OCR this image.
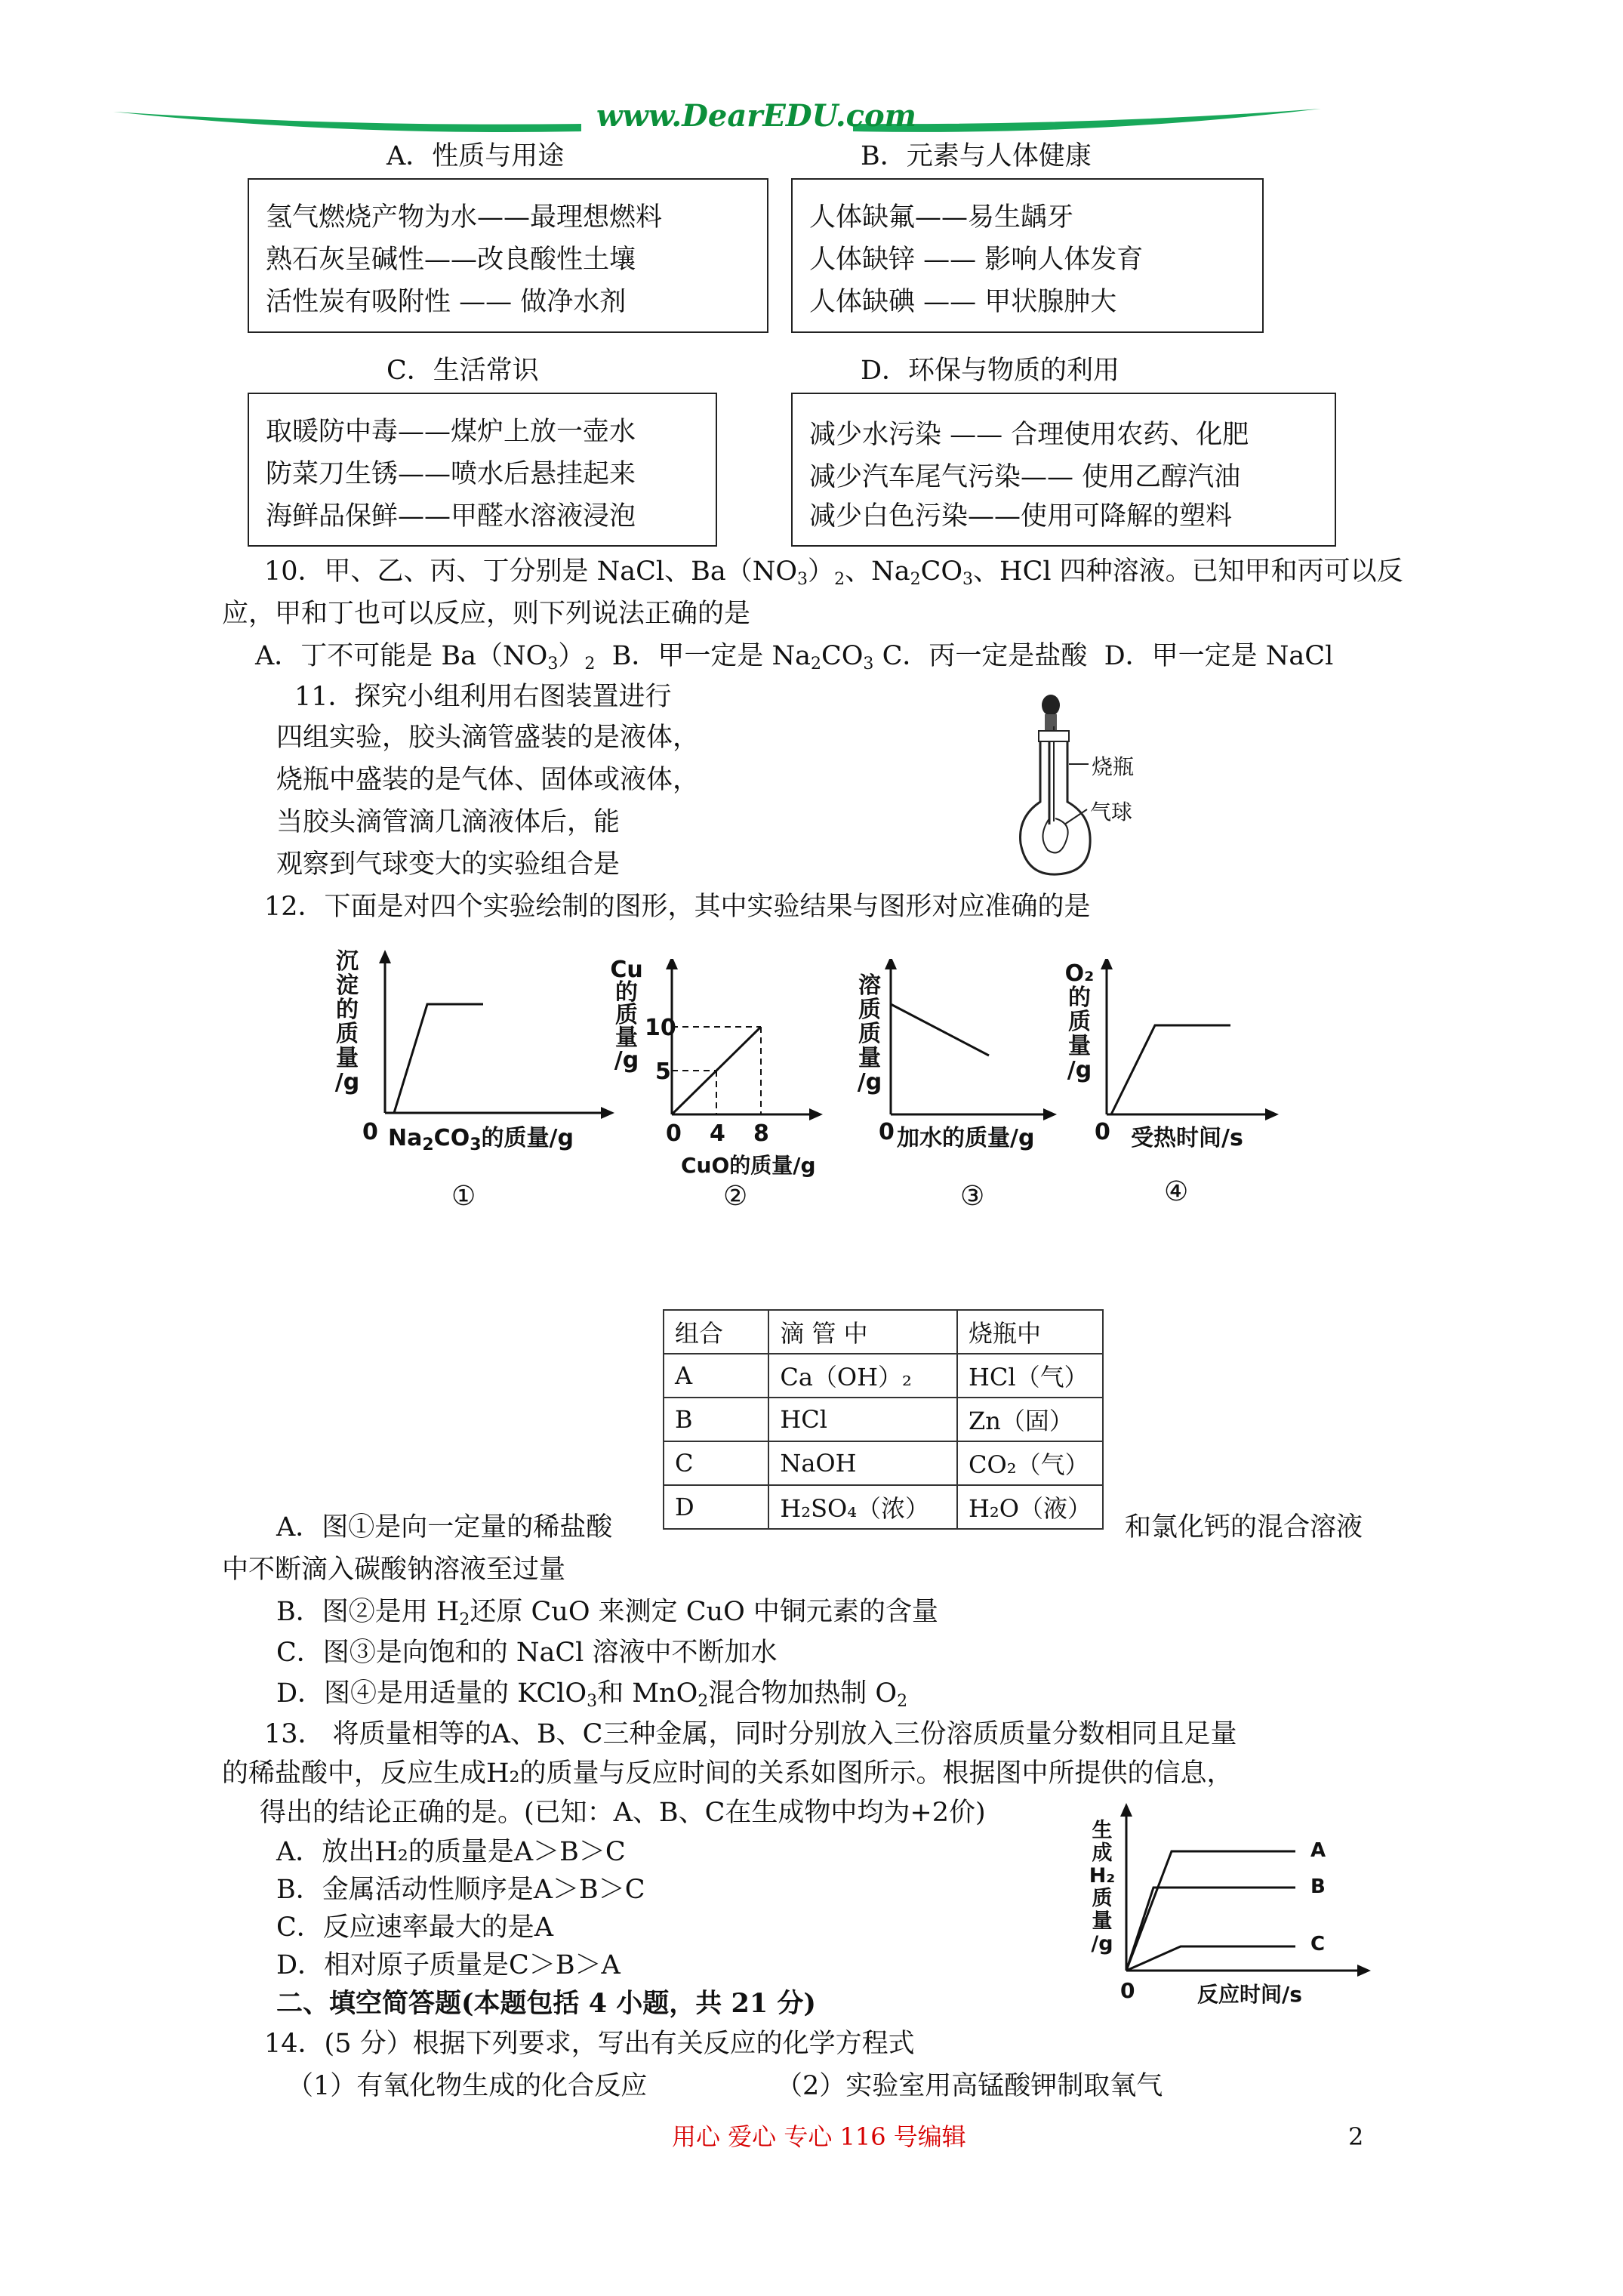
www.DearEDU.com
A．性质与用途	B．元素与人体健康
氢气燃烧产物为水——最理想燃料
熟石灰呈碱性——改良酸性土壤
活性炭有吸附性 —— 做净水剂
人体缺氟——易生龋牙
人体缺锌 —— 影响人体发育
人体缺碘 —— 甲状腺肿大
C．生活常识	D．环保与物质的利用
取暖防中毒——煤炉上放一壶水
防菜刀生锈——喷水后悬挂起来
海鲜品保鲜——甲醛水溶液浸泡
减少水污染 —— 合理使用农药、化肥
减少汽车尾气污染—— 使用乙醇汽油
减少白色污染——使用可降解的塑料
10．甲、乙、丙、丁分别是 NaCl、$Ba(NO_3)_2$、$Na_2CO_3$、HCl 四种溶液。已知甲和丙可以反
应，甲和丁也可以反应，则下列说法正确的是
A．丁不可能是 $Ba(NO_3)_2$ B．甲一定是 $Na_2CO_3$ C．丙一定是盐酸 D．甲一定是 NaCl
11．探究小组利用右图装置进行
四组实验，胶头滴管盛装的是液体，
烧瓶中盛装的是气体、固体或液体，
当胶头滴管滴几滴液体后，能
观察到气球变大的实验组合是
烧瓶
气球
12．下面是对四个实验绘制的图形，其中实验结果与图形对应准确的是
沉
淀
的
质
量
/g
0 $Na_2CO_3$的质量/g
①
Cu
的
质
量
/g
10
5
0 4 8
CuO的质量/g
②
溶
质
质
量
/g
0 加水的质量/g
③
O₂
的
质
量
/g
0 受热时间/s
④
组合	滴 管 中	烧瓶中
A	Ca（OH）₂	HCl（气）
B	HCl	Zn（固）
C	NaOH	CO₂（气）
D	H₂SO₄（浓）	H₂O（液）
A．图①是向一定量的稀盐酸	和氯化钙的混合溶液
中不断滴入碳酸钠溶液至过量
B．图②是用 $H_2$还原 CuO 来测定 CuO 中铜元素的含量
C．图③是向饱和的 NaCl 溶液中不断加水
D．图④是用适量的 KClO$_3$和 MnO$_2$混合物加热制 $O_2$
13． 将质量相等的A、B、C三种金属，同时分别放入三份溶质质量分数相同且足量
的稀盐酸中，反应生成H₂的质量与反应时间的关系如图所示。根据图中所提供的信息，
得出的结论正确的是。(已知：A、B、C在生成物中均为+2价)
A．放出H₂的质量是A＞B＞C
B．金属活动性顺序是A＞B＞C
C．反应速率最大的是A
D．相对原子质量是C＞B＞A
生
成
H₂
质
量
/g
A
B
C
0	反应时间/s
二、填空简答题(本题包括 4 小题，共 21 分)
14．(5 分）根据下列要求，写出有关反应的化学方程式
（1）有氧化物生成的化合反应	（2）实验室用高锰酸钾制取氧气
用心 爱心 专心 116 号编辑	2
